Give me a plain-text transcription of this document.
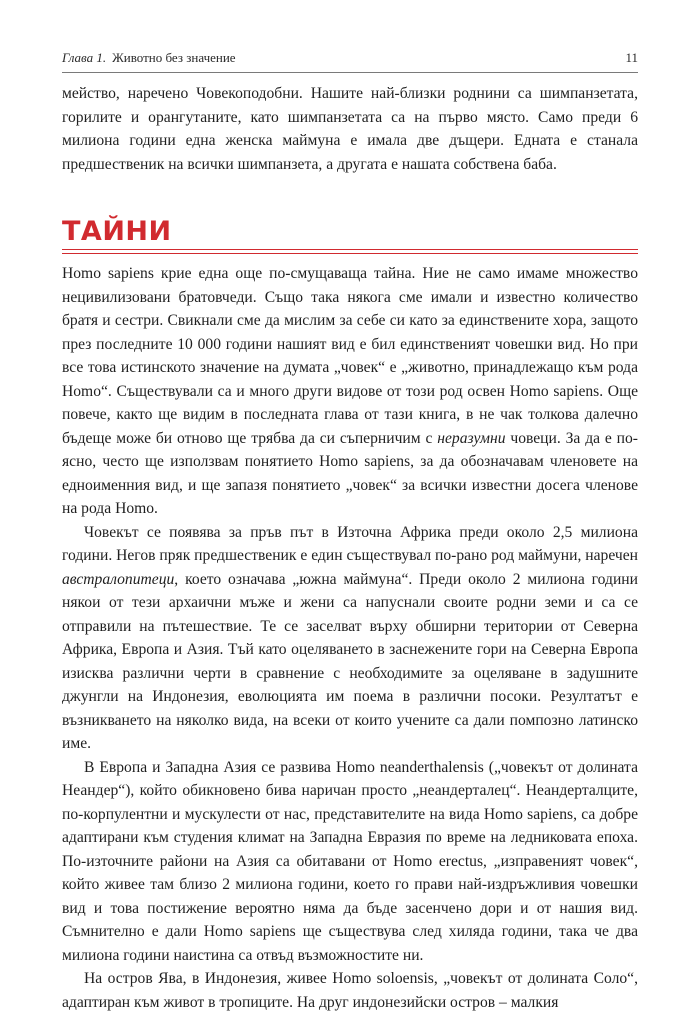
Глава 1. Животно без значение	11

мейство, наречено Човекоподобни. Нашите най-близки роднини са шимпанзетата, горилите и орангутаните, като шимпанзетата са на първо място. Само преди 6 милиона години една женска маймуна е имала две дъщери. Едната е станала предшественик на всички шимпанзета, а другата е нашата собствена баба.

ТАЙНИ

Homo sapiens крие една още по-смущаваща тайна. Ние не само имаме множество нецивилизовани братовчеди. Също така някога сме имали и известно количество братя и сестри. Свикнали сме да мислим за себе си като за единствените хора, защото през последните 10 000 години нашият вид е бил единственият човешки вид. Но при все това истинското значение на думата „човек“ е „животно, принадлежащо към рода Homo“. Съществували са и много други видове от този род освен Homo sapiens. Още повече, както ще видим в последната глава от тази книга, в не чак толкова далечно бъдеще може би отново ще трябва да си съперничим с неразумни човеци. За да е по-ясно, често ще използвам понятието Homo sapiens, за да обозначавам членовете на едноименния вид, и ще запазя понятието „човек“ за всички известни досега членове на рода Homo.

Човекът се появява за пръв път в Източна Африка преди около 2,5 милиона години. Негов пряк предшественик е един съществувал по-рано род маймуни, наречен австралопитеци, което означава „южна маймуна“. Преди около 2 милиона години някои от тези архаични мъже и жени са напуснали своите родни земи и са се отправили на пътешествие. Те се заселват върху обширни територии от Северна Африка, Европа и Азия. Тъй като оцеляването в заснежените гори на Северна Европа изисква различни черти в сравнение с необходимите за оцеляване в задушните джунгли на Индонезия, еволюцията им поема в различни посоки. Резултатът е възникването на няколко вида, на всеки от които учените са дали помпозно латинско име.

В Европа и Западна Азия се развива Homo neanderthalensis („човекът от долината Неандер“), който обикновено бива наричан просто „неандерталец“. Неандерталците, по-корпулентни и мускулести от нас, представителите на вида Homo sapiens, са добре адаптирани към студения климат на Западна Евразия по време на ледниковата епоха. По-източните райони на Азия са обитавани от Homo erectus, „изправеният човек“, който живее там близо 2 милиона години, което го прави най-издръжливия човешки вид и това постижение вероятно няма да бъде засенчено дори и от нашия вид. Съмнително е дали Homo sapiens ще съществува след хиляда години, така че два милиона години наистина са отвъд възможностите ни.

На остров Ява, в Индонезия, живее Homo soloensis, „човекът от долината Соло“, адаптиран към живот в тропиците. На друг индонезийски остров – малкия
